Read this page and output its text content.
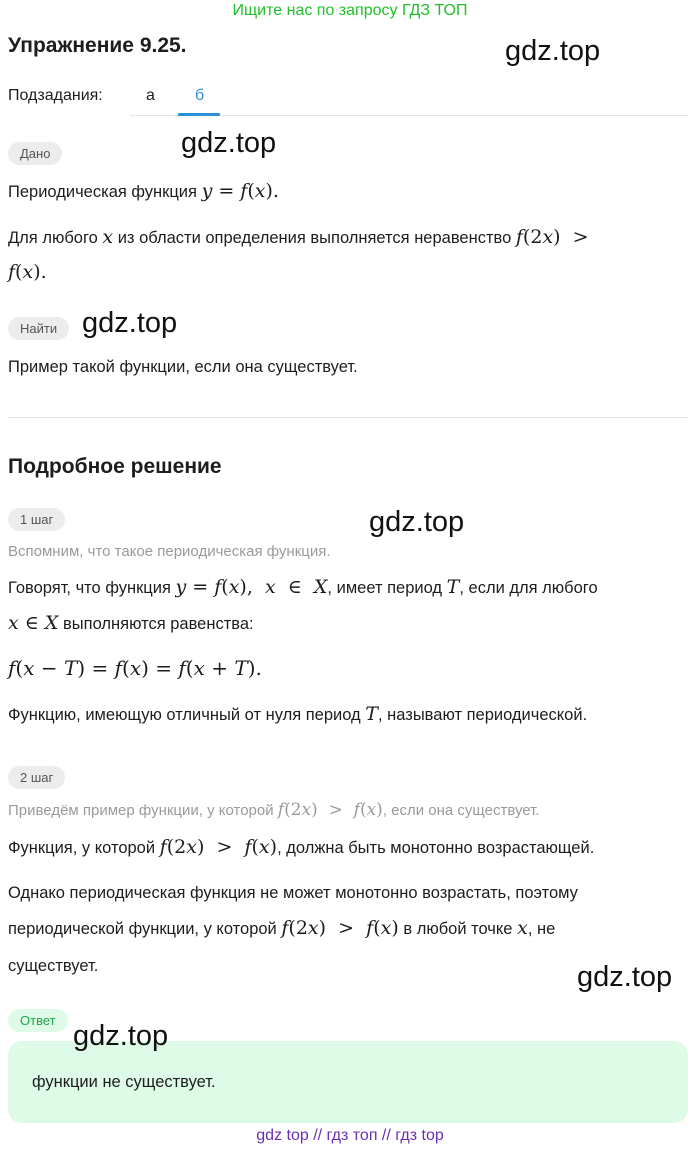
Ищите нас по запросу ГДЗ ТОП
Упражнение 9.25.	gdz.top
Подзадания:	а	б
Дано	gdz.top
Периодическая функция y = f(x).
Для любого x из области определения выполняется неравенство f(2x)  >
f(x).
Найти gdz.top
Пример такой функции, если она существует.
Подробное решение
1 шаг	gdz.top
Вспомним, что такое периодическая функция.
Говорят, что функция y = f(x),  x  ∈  X, имеет период T, если для любого
x ∈ X выполняются равенства:
f(x − T) = f(x) = f(x + T).
Функцию, имеющую отличный от нуля период T, называют периодической.
2 шаг
Приведём пример функции, у которой f(2x)  >  f(x), если она существует.
Функция, у которой f(2x)  >  f(x), должна быть монотонно возрастающей.
Однако периодическая функция не может монотонно возрастать, поэтому
периодической функции, у которой f(2x)  >  f(x) в любой точке x, не
существует.	gdz.top
Ответ gdz.top
функции не существует.
gdz top // гдз топ // гдз top
